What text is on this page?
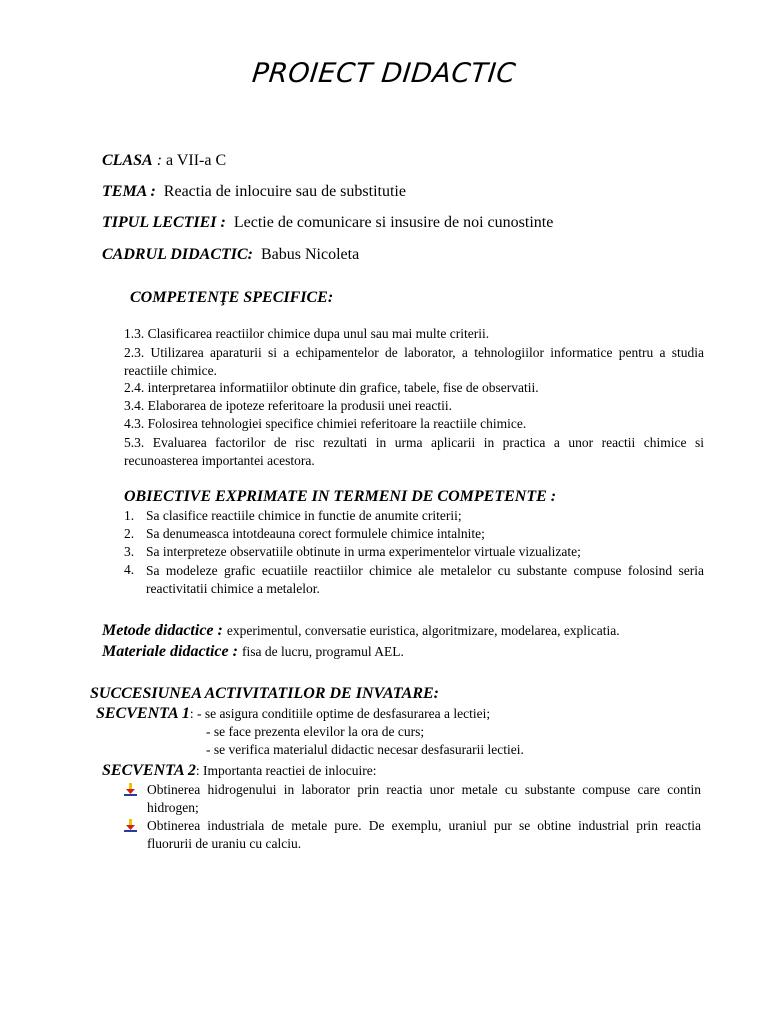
PROIECT DIDACTIC
CLASA : a VII-a C
TEMA : Reactia de inlocuire sau de substitutie
TIPUL LECTIEI : Lectie de comunicare si insusire de noi cunostinte
CADRUL DIDACTIC: Babus Nicoleta
COMPETENŢE SPECIFICE:
1.3. Clasificarea reactiilor chimice dupa unul sau mai multe criterii.
2.3. Utilizarea aparaturii si a echipamentelor de laborator, a tehnologiilor informatice pentru a studia reactiile chimice.
2.4. interpretarea informatiilor obtinute din grafice, tabele, fise de observatii.
3.4. Elaborarea de ipoteze referitoare la produsii unei reactii.
4.3. Folosirea tehnologiei specifice chimiei referitoare la reactiile chimice.
5.3. Evaluarea factorilor de risc rezultati in urma aplicarii in practica a unor reactii chimice si recunoasterea importantei acestora.
OBIECTIVE EXPRIMATE IN TERMENI DE COMPETENTE :
1. Sa clasifice reactiile chimice in functie de anumite criterii;
2. Sa denumeasca intotdeauna corect formulele chimice intalnite;
3. Sa interpreteze observatiile obtinute in urma experimentelor virtuale vizualizate;
4. Sa modeleze grafic ecuatiile reactiilor chimice ale metalelor cu substante compuse folosind seria reactivitatii chimice a metalelor.
Metode didactice : experimentul, conversatie euristica, algoritmizare, modelarea, explicatia.
Materiale didactice : fisa de lucru, programul AEL.
SUCCESIUNEA ACTIVITATILOR DE INVATARE:
SECVENTA 1: - se asigura conditiile optime de desfasurarea a lectiei;
- se face prezenta elevilor la ora de curs;
- se verifica materialul didactic necesar desfasurarii lectiei.
SECVENTA 2: Importanta reactiei de inlocuire:
Obtinerea hidrogenului in laborator prin reactia unor metale cu substante compuse care contin hidrogen;
Obtinerea industriala de metale pure. De exemplu, uraniul pur se obtine industrial prin reactia fluorurii de uraniu cu calciu.
